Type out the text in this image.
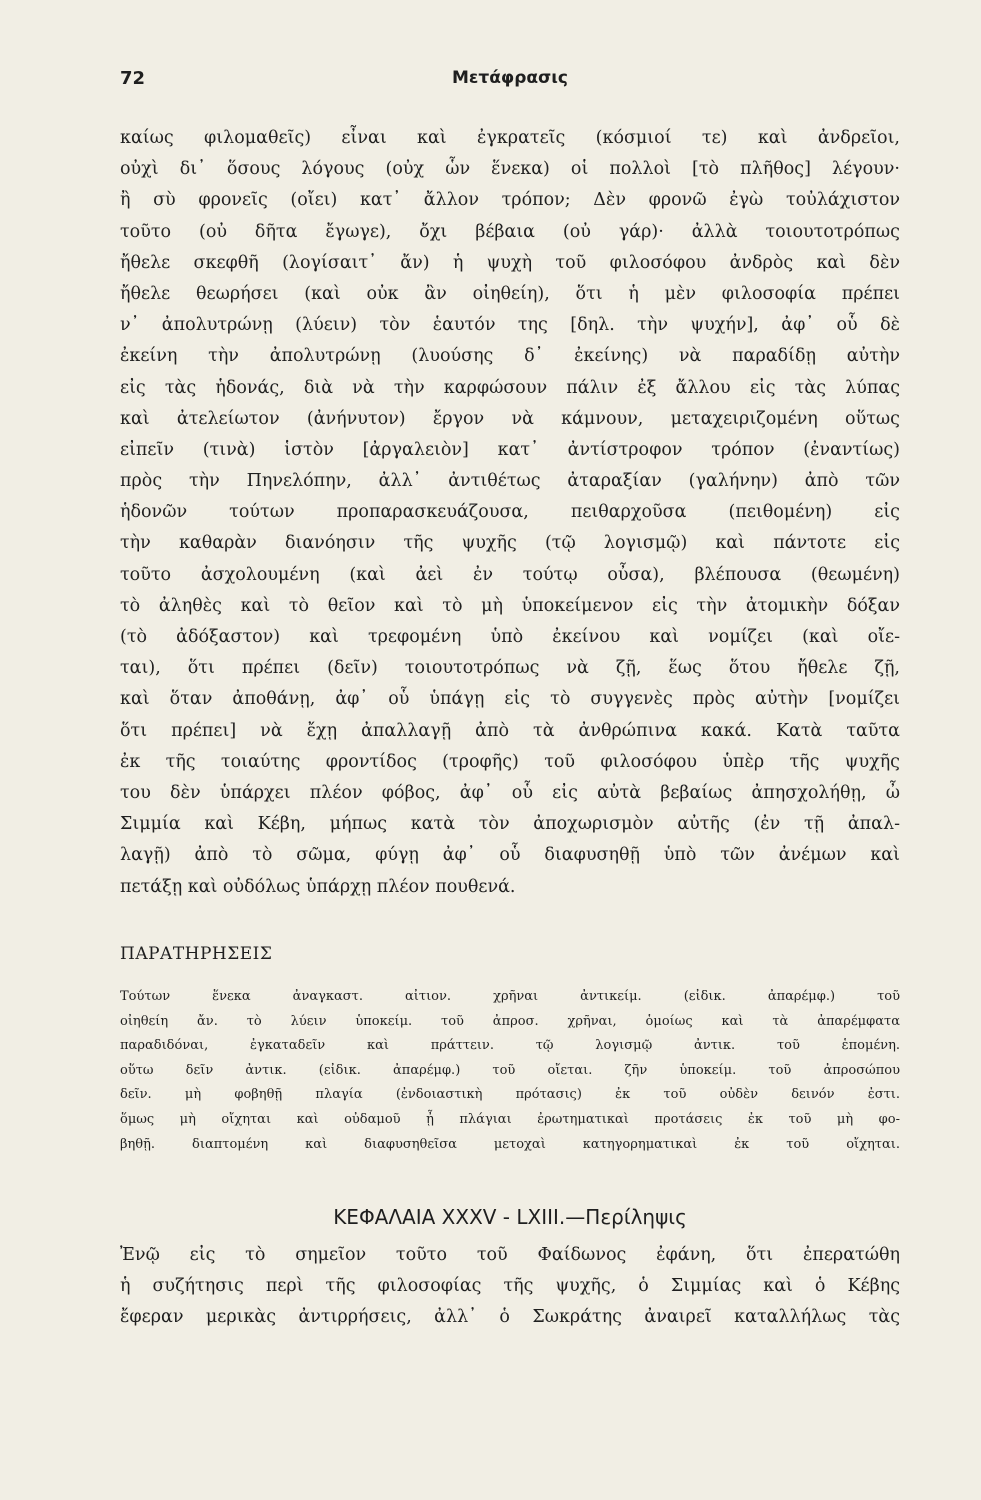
72	Μετάφρασις
καίως φιλομαθεῖς) εἶναι καὶ ἐγκρατεῖς (κόσμιοί τε) καὶ ἀνδρεῖοι,
οὐχὶ δι᾿ ὅσους λόγους (οὐχ ὧν ἕνεκα) οἱ πολλοὶ [τὸ πλῆθος] λέγουν·
ἢ σὺ φρονεῖς (οἴει) κατ᾿ ἄλλον τρόπον; Δὲν φρονῶ ἐγὼ τοὐλάχιστον
τοῦτο (οὐ δῆτα ἔγωγε), ὄχι βέβαια (οὐ γάρ)· ἀλλὰ τοιουτοτρόπως
ἤθελε σκεφθῆ (λογίσαιτ᾿ ἄν) ἡ ψυχὴ τοῦ φιλοσόφου ἀνδρὸς καὶ δὲν
ἤθελε θεωρήσει (καὶ οὐκ ἂν οἰηθείη), ὅτι ἡ μὲν φιλοσοφία πρέπει
ν᾿ ἀπολυτρώνῃ (λύειν) τὸν ἑαυτόν της [δηλ. τὴν ψυχήν], ἀφ᾿ οὗ δὲ
ἐκείνη τὴν ἀπολυτρώνῃ (λυούσης δ᾿ ἐκείνης) νὰ παραδίδῃ αὐτὴν
εἰς τὰς ἡδονάς, διὰ νὰ τὴν καρφώσουν πάλιν ἐξ ἄλλου εἰς τὰς λύπας
καὶ ἀτελείωτον (ἀνήνυτον) ἔργον νὰ κάμνουν, μεταχειριζομένη οὕτως
εἰπεῖν (τινὰ) ἱστὸν [ἀργαλειὸν] κατ᾿ ἀντίστροφον τρόπον (ἐναντίως)
πρὸς τὴν Πηνελόπην, ἀλλ᾿ ἀντιθέτως ἀταραξίαν (γαλήνην) ἀπὸ τῶν
ἡδονῶν τούτων προπαρασκευάζουσα, πειθαρχοῦσα (πειθομένη) εἰς
τὴν καθαρὰν διανόησιν τῆς ψυχῆς (τῷ λογισμῷ) καὶ πάντοτε εἰς
τοῦτο ἀσχολουμένη (καὶ ἀεὶ ἐν τούτῳ οὖσα), βλέπουσα (θεωμένη)
τὸ ἀληθὲς καὶ τὸ θεῖον καὶ τὸ μὴ ὑποκείμενον εἰς τὴν ἀτομικὴν δόξαν
(τὸ ἀδόξαστον) καὶ τρεφομένη ὑπὸ ἐκείνου καὶ νομίζει (καὶ οἴε-
ται), ὅτι πρέπει (δεῖν) τοιουτοτρόπως νὰ ζῇ, ἕως ὅτου ἤθελε ζῇ,
καὶ ὅταν ἀποθάνῃ, ἀφ᾿ οὗ ὑπάγῃ εἰς τὸ συγγενὲς πρὸς αὐτὴν [νομίζει
ὅτι πρέπει] νὰ ἔχῃ ἀπαλλαγῇ ἀπὸ τὰ ἀνθρώπινα κακά. Κατὰ ταῦτα
ἐκ τῆς τοιαύτης φροντίδος (τροφῆς) τοῦ φιλοσόφου ὑπὲρ τῆς ψυχῆς
του δὲν ὑπάρχει πλέον φόβος, ἀφ᾿ οὗ εἰς αὐτὰ βεβαίως ἀπησχολήθῃ, ὦ
Σιμμία καὶ Κέβη, μήπως κατὰ τὸν ἀποχωρισμὸν αὐτῆς (ἐν τῇ ἀπαλ-
λαγῇ) ἀπὸ τὸ σῶμα, φύγῃ ἀφ᾿ οὗ διαφυσηθῇ ὑπὸ τῶν ἀνέμων καὶ
πετάξῃ καὶ οὐδόλως ὑπάρχῃ πλέον πουθενά.
ΠΑΡΑΤΗΡΗΣΕΙΣ
Τούτων ἕνεκα ἀναγκαστ. αἰτιον. χρῆναι ἀντικείμ. (εἰδικ. ἀπαρέμφ.) τοῦ
οἰηθείη ἄν. τὸ λύειν ὑποκείμ. τοῦ ἀπροσ. χρῆναι, ὁμοίως καὶ τὰ ἀπαρέμφατα
παραδιδόναι, ἐγκαταδεῖν καὶ πράττειν. τῷ λογισμῷ ἀντικ. τοῦ ἑπομένη.
οὕτω δεῖν ἀντικ. (εἰδικ. ἀπαρέμφ.) τοῦ οἴεται. ζῆν ὑποκείμ. τοῦ ἀπροσώπου
δεῖν. μὴ φοβηθῇ πλαγία (ἐνδοιαστικὴ πρότασις) ἐκ τοῦ οὐδὲν δεινόν ἐστι.
ὅμως μὴ οἴχηται καὶ οὐδαμοῦ ᾖ πλάγιαι ἐρωτηματικαὶ προτάσεις ἐκ τοῦ μὴ φο-
βηθῇ. διαπτομένη καὶ διαφυσηθεῖσα μετοχαὶ κατηγορηματικαὶ ἐκ τοῦ οἴχηται.
ΚΕΦΑΛΑΙΑ XXXV - LXIII.—Περίληψις
Ἐνῷ εἰς τὸ σημεῖον τοῦτο τοῦ Φαίδωνος ἐφάνη, ὅτι ἐπερατώθη
ἡ συζήτησις περὶ τῆς φιλοσοφίας τῆς ψυχῆς, ὁ Σιμμίας καὶ ὁ Κέβης
ἔφεραν μερικὰς ἀντιρρήσεις, ἀλλ᾿ ὁ Σωκράτης ἀναιρεῖ καταλλήλως τὰς
